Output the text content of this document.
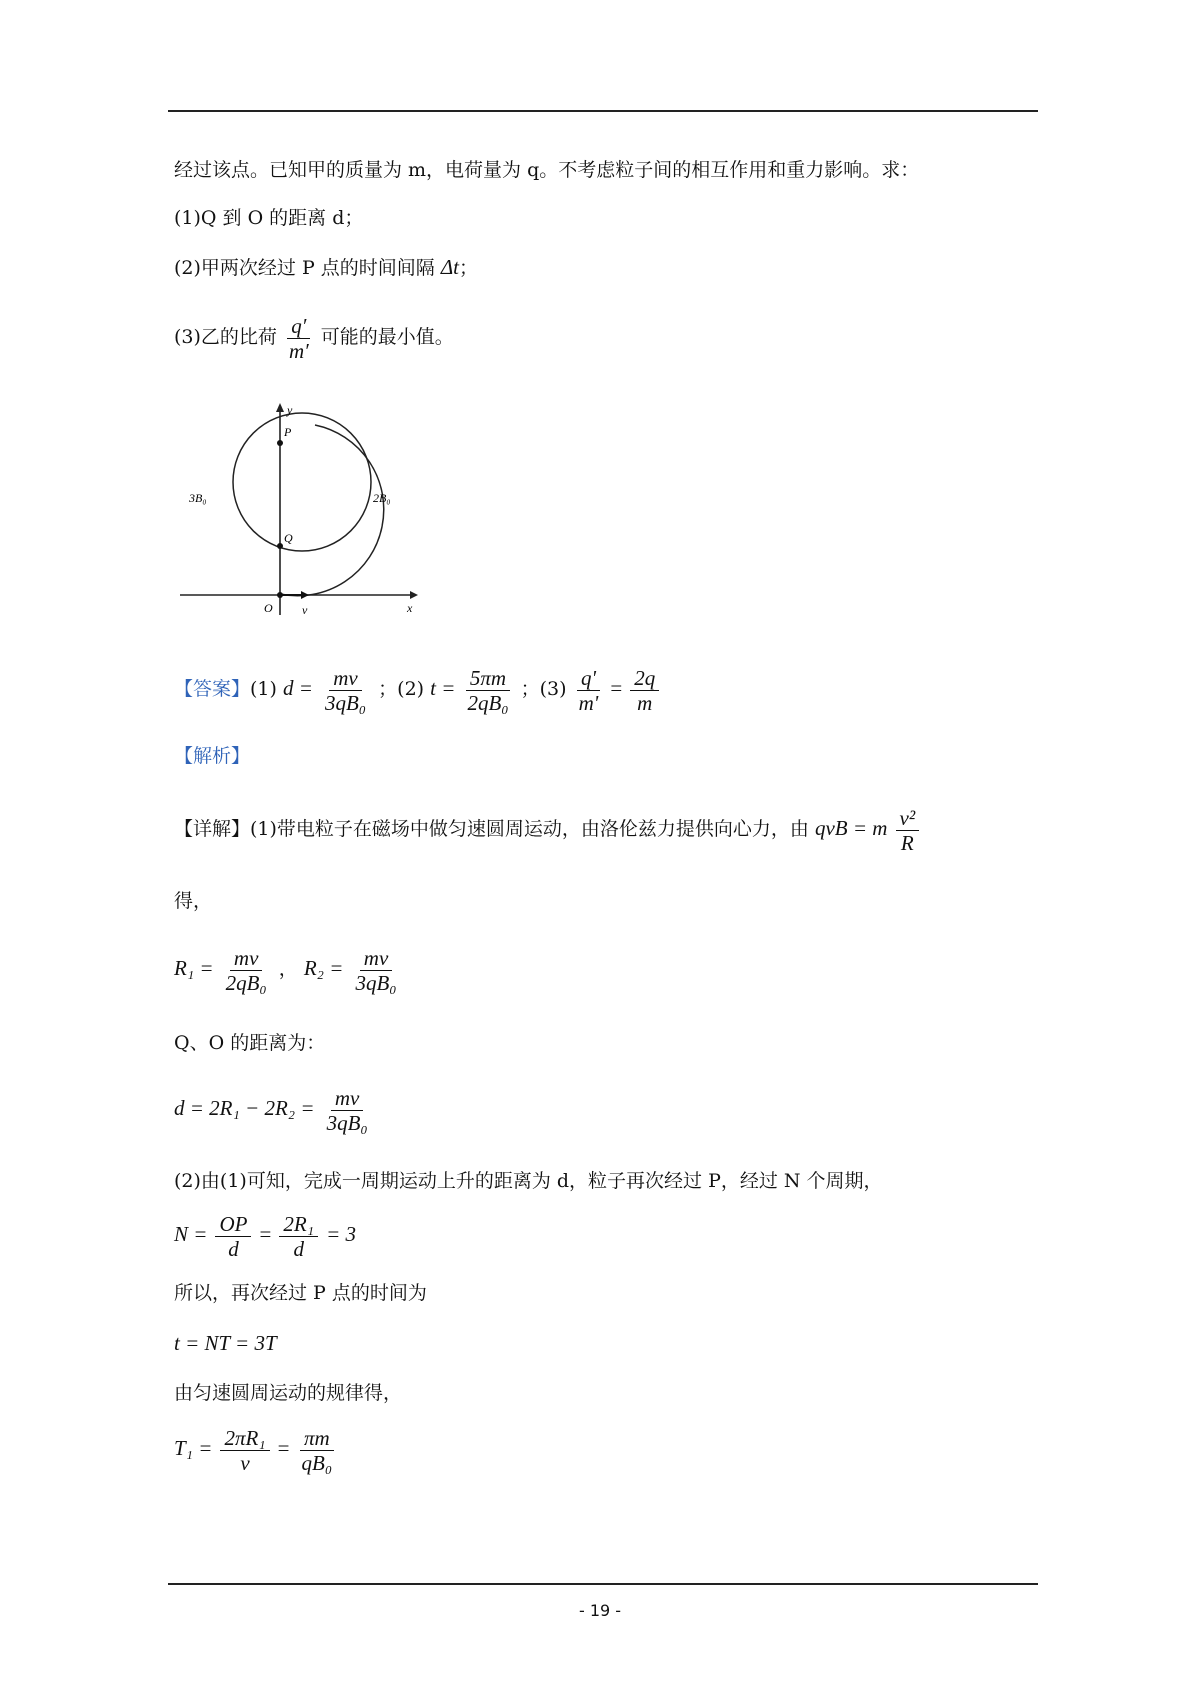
经过该点。已知甲的质量为 m，电荷量为 q。不考虑粒子间的相互作用和重力影响。求：
(1)Q 到 O 的距离 d；
(2)甲两次经过 P 点的时间间隔 Δt；
(3)乙的比荷 $\frac{q'}{m'}$ 可能的最小值。
y
P
Q
O v	x
3B₀	2B₀
【答案】(1) $d = \frac{mv}{\text{3qB₀}}$ ；(2) $t = \frac{5\pi m}{\text{2qB₀}}$ ；$(3) \frac{q'}{m'} = \frac{2q}{m}$
【解析】
【详解】(1)带电粒子在磁场中做匀速圆周运动，由洛伦兹力提供向心力，由 qvB = m $\frac{\text{v²}}{R}$
得，
$R_1 = \frac{mv}{\text{2qB₀}}$ ， $R_2 = \frac{mv}{\text{3qB₀}}$
Q、O 的距离为：
$d = 2R_1 - 2R_2 = \frac{mv}{\text{3qB₀}}$
(2)由(1)可知，完成一周期运动上升的距离为 d，粒子再次经过 P，经过 N 个周期，
$N = \frac{OP}{d} = \frac{\text{2R₁}}{d} = 3$
所以，再次经过 P 点的时间为
t = NT = 3T
由匀速圆周运动的规律得，
$T_1 = \frac{\text{2πR₁}}{v} = \frac{\pi m}{\text{qB₀}}$
- 19 -
